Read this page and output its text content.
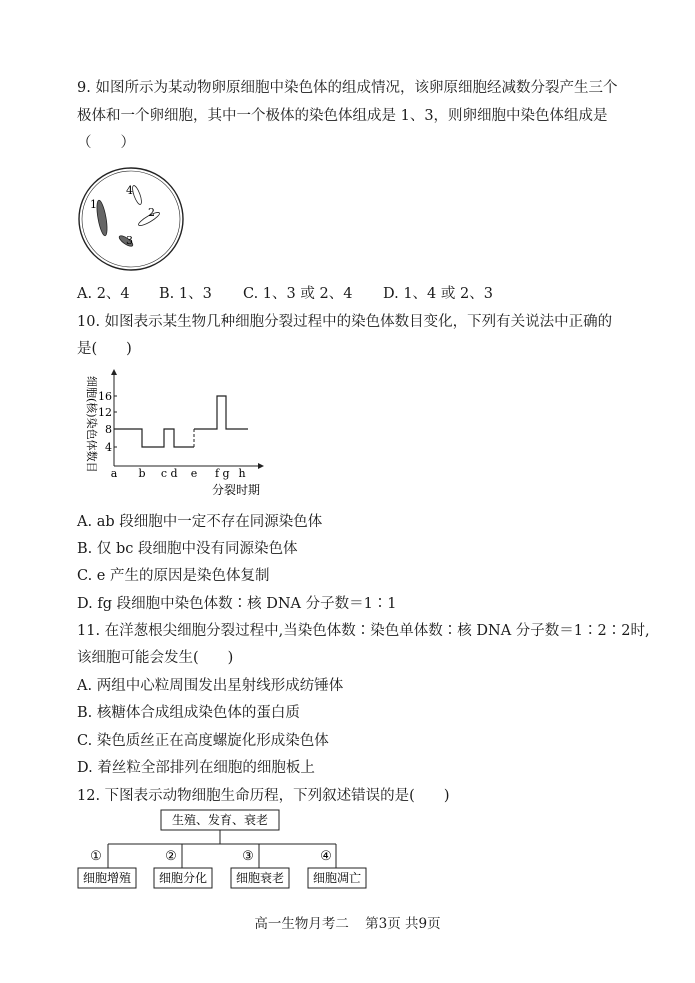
9. 如图所示为某动物卵原细胞中染色体的组成情况，该卵原细胞经减数分裂产生三个
极体和一个卵细胞，其中一个极体的染色体组成是 1、3，则卵细胞中染色体组成是
（　　）
1
2
3
4
A. 2、4 B. 1、3 C. 1、3 或 2、4 D. 1、4 或 2、3
10. 如图表示某生物几种细胞分裂过程中的染色体数目变化，下列有关说法中正确的
是(　　)
细胞(核)染色体数目 16
12
8
4
a b c d e f g h
分裂时期
A. ab 段细胞中一定不存在同源染色体
B. 仅 bc 段细胞中没有同源染色体
C. e 产生的原因是染色体复制
D. fg 段细胞中染色体数∶核 DNA 分子数＝1∶1
11. 在洋葱根尖细胞分裂过程中,当染色体数∶染色单体数∶核 DNA 分子数＝1∶2∶2时,
该细胞可能会发生(　　)
A. 两组中心粒周围发出星射线形成纺锤体
B. 核糖体合成组成染色体的蛋白质
C. 染色质丝正在高度螺旋化形成染色体
D. 着丝粒全部排列在细胞的细胞板上
12. 下图表示动物细胞生命历程，下列叙述错误的是(　　)
生殖、发育、衰老
①	②	③	④
细胞增殖 细胞分化 细胞衰老 细胞凋亡
高一生物月考二 第3页 共9页
